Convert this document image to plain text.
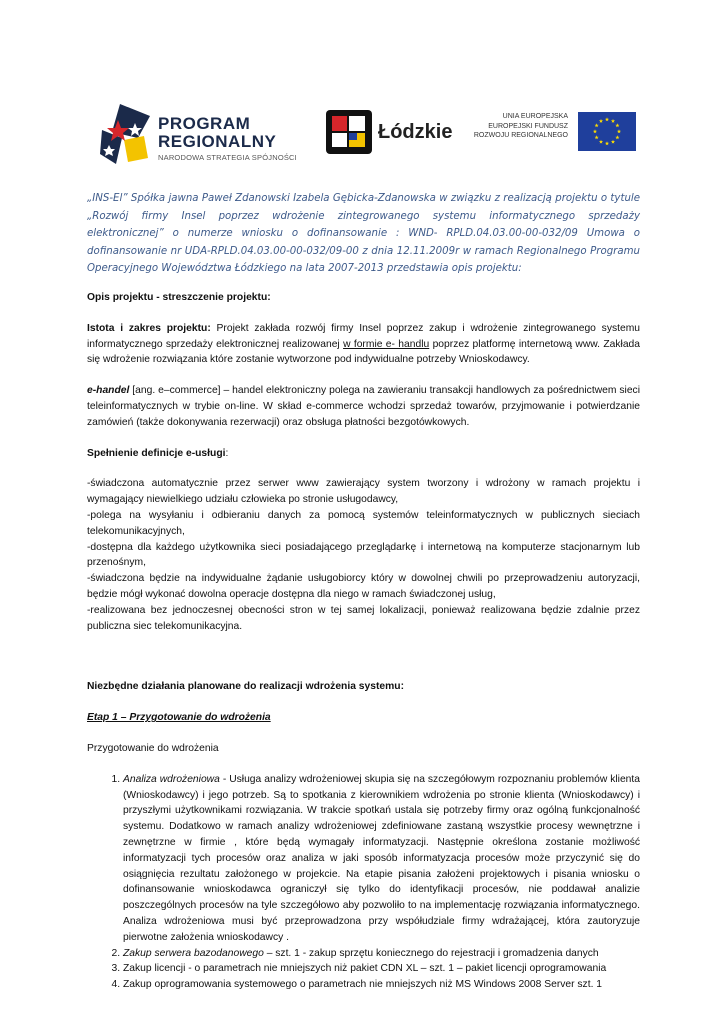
PROGRAM
REGIONALNY
NARODOWA STRATEGIA SPÓJNOŚCI
Łódzkie
UNIA EUROPEJSKA
EUROPEJSKI FUNDUSZ
ROZWOJU REGIONALNEGO
„INS-El” Spółka jawna Paweł Zdanowski Izabela Gębicka-Zdanowska w związku z realizacją projektu o tytule „Rozwój firmy Insel poprzez wdrożenie zintegrowanego systemu informatycznego sprzedaży elektronicznej” o numerze wniosku o dofinansowanie : WND- RPLD.04.03.00-00-032/09 Umowa o dofinansowanie nr UDA-RPLD.04.03.00-00-032/09-00 z dnia 12.11.2009r w ramach Regionalnego Programu Operacyjnego Województwa Łódzkiego na lata 2007-2013 przedstawia opis projektu:

Opis projektu - streszczenie projektu:

Istota i zakres projektu: Projekt zakłada rozwój firmy Insel poprzez zakup i wdrożenie zintegrowanego systemu informatycznego sprzedaży elektronicznej realizowanej w formie e- handlu poprzez platformę internetową www. Zakłada się wdrożenie rozwiązania które zostanie wytworzone pod indywidualne potrzeby Wnioskodawcy.

e-handel [ang. e–commerce] – handel elektroniczny polega na zawieraniu transakcji handlowych za pośrednictwem sieci teleinformatycznych w trybie on-line. W skład e-commerce wchodzi sprzedaż towarów, przyjmowanie i potwierdzanie zamówień (także dokonywania rezerwacji) oraz obsługa płatności bezgotówkowych.

Spełnienie definicje e-usługi:

-świadczona automatycznie przez serwer www zawierający system tworzony i wdrożony w ramach projektu i wymagający niewielkiego udziału człowieka po stronie usługodawcy,

-polega na wysyłaniu i odbieraniu danych za pomocą systemów teleinformatycznych w publicznych sieciach telekomunikacyjnych,

-dostępna dla każdego użytkownika sieci posiadającego przeglądarkę i internetową na komputerze stacjonarnym lub przenośnym,

-świadczona będzie na indywidualne żądanie usługobiorcy który w dowolnej chwili po przeprowadzeniu autoryzacji, będzie mógł wykonać dowolna operacje dostępna dla niego w ramach świadczonej usług,

-realizowana bez jednoczesnej obecności stron w tej samej lokalizacji, ponieważ realizowana będzie zdalnie przez publiczna siec telekomunikacyjna.

Niezbędne działania planowane do realizacji wdrożenia systemu:

Etap 1 – Przygotowanie do wdrożenia

Przygotowanie do wdrożenia

1. Analiza wdrożeniowa - Usługa analizy wdrożeniowej skupia się na szczegółowym rozpoznaniu problemów klienta (Wnioskodawcy) i jego potrzeb. Są to spotkania z kierownikiem wdrożenia po stronie klienta (Wnioskodawcy) i przyszłymi użytkownikami rozwiązania. W trakcie spotkań ustala się potrzeby firmy oraz ogólną funkcjonalność systemu. Dodatkowo w ramach analizy wdrożeniowej zdefiniowane zastaną wszystkie procesy wewnętrzne i zewnętrzne w firmie , które będą wymagały informatyzacji. Następnie określona zostanie możliwość informatyzacji tych procesów oraz analiza w jaki sposób informatyzacja procesów może przyczynić się do osiągnięcia rezultatu założonego w projekcie. Na etapie pisania założeni projektowych i pisania wniosku o dofinansowanie wnioskodawca ograniczył się tylko do identyfikacji procesów, nie poddawał analizie poszczególnych procesów na tyle szczegółowo aby pozwoliło to na implementację rozwiązania informatycznego. Analiza wdrożeniowa musi być przeprowadzona przy współudziale firmy wdrażającej, która zautoryzuje pierwotne założenia wnioskodawcy .
2. Zakup serwera bazodanowego – szt. 1 - zakup sprzętu koniecznego do rejestracji i gromadzenia danych
3. Zakup licencji - o parametrach nie mniejszych niż pakiet CDN XL – szt. 1 – pakiet licencji oprogramowania
4. Zakup oprogramowania systemowego o parametrach nie mniejszych niż MS Windows 2008 Server szt. 1
